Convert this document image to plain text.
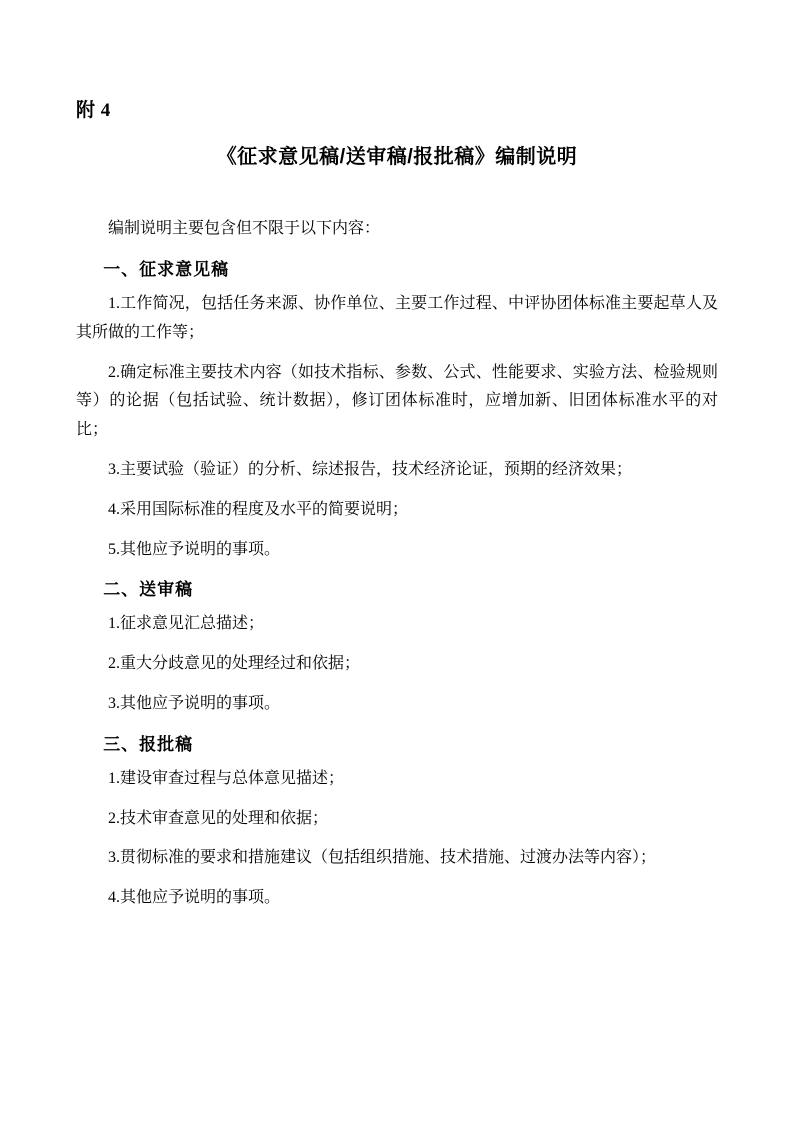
附 4
《征求意见稿/送审稿/报批稿》编制说明

编制说明主要包含但不限于以下内容：

一、征求意见稿

1.工作简况，包括任务来源、协作单位、主要工作过程、中评协团体标准主要起草人及其所做的工作等；

2.确定标准主要技术内容（如技术指标、参数、公式、性能要求、实验方法、检验规则等）的论据（包括试验、统计数据），修订团体标准时，应增加新、旧团体标准水平的对比；

3.主要试验（验证）的分析、综述报告，技术经济论证，预期的经济效果；

4.采用国际标准的程度及水平的简要说明；

5.其他应予说明的事项。

二、送审稿

1.征求意见汇总描述；

2.重大分歧意见的处理经过和依据；

3.其他应予说明的事项。

三、报批稿

1.建设审查过程与总体意见描述；

2.技术审查意见的处理和依据；

3.贯彻标准的要求和措施建议（包括组织措施、技术措施、过渡办法等内容）；

4.其他应予说明的事项。
